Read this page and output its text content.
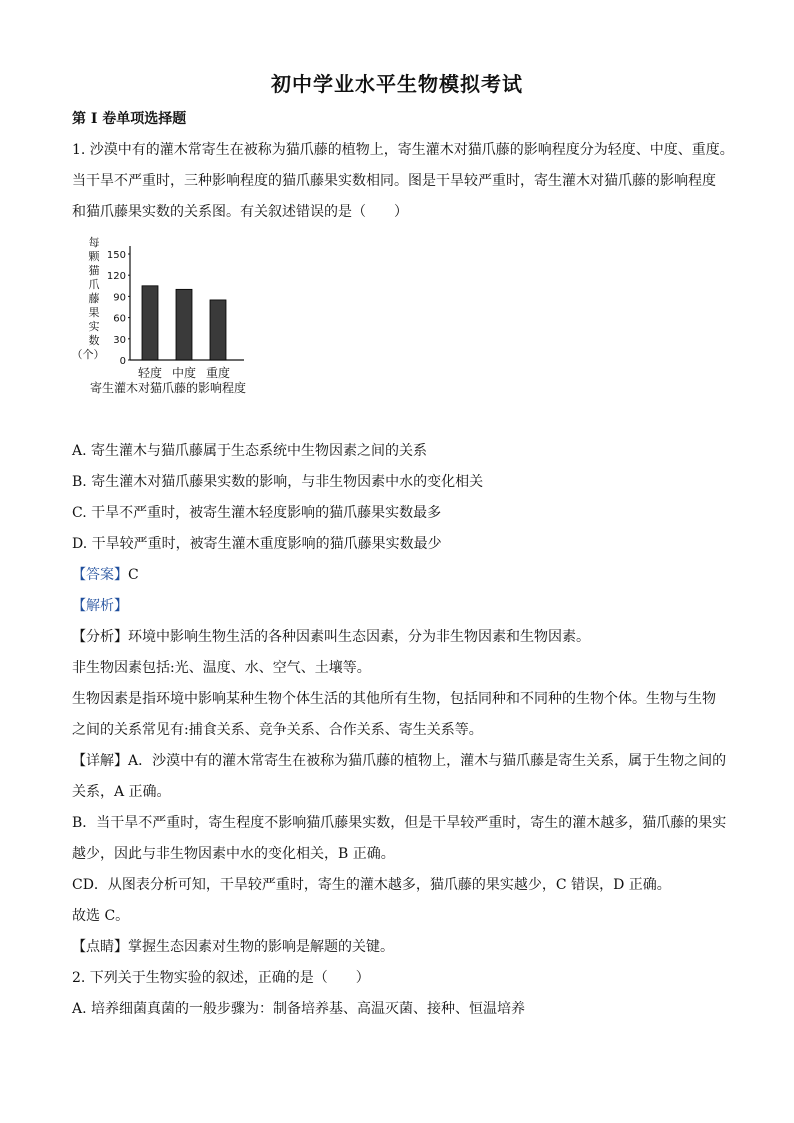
初中学业水平生物模拟考试
第 I 卷单项选择题
1. 沙漠中有的灌木常寄生在被称为猫爪藤的植物上，寄生灌木对猫爪藤的影响程度分为轻度、中度、重度。
当干旱不严重时，三种影响程度的猫爪藤果实数相同。图是干旱较严重时，寄生灌木对猫爪藤的影响程度
和猫爪藤果实数的关系图。有关叙述错误的是（　　）
每
颗
猫
爪
藤
果
实
数
（个）
150
120
90
60
30
0
轻度 中度 重度
寄生灌木对猫爪藤的影响程度
A. 寄生灌木与猫爪藤属于生态系统中生物因素之间的关系
B. 寄生灌木对猫爪藤果实数的影响，与非生物因素中水的变化相关
C. 干旱不严重时，被寄生灌木轻度影响的猫爪藤果实数最多
D. 干旱较严重时，被寄生灌木重度影响的猫爪藤果实数最少
【答案】C
【解析】
【分析】环境中影响生物生活的各种因素叫生态因素，分为非生物因素和生物因素。
非生物因素包括:光、温度、水、空气、土壤等。
生物因素是指环境中影响某种生物个体生活的其他所有生物，包括同种和不同种的生物个体。生物与生物
之间的关系常见有:捕食关系、竞争关系、合作关系、寄生关系等。
【详解】A．沙漠中有的灌木常寄生在被称为猫爪藤的植物上，灌木与猫爪藤是寄生关系，属于生物之间的
关系，A 正确。
B．当干旱不严重时，寄生程度不影响猫爪藤果实数，但是干旱较严重时，寄生的灌木越多，猫爪藤的果实
越少，因此与非生物因素中水的变化相关，B 正确。
CD．从图表分析可知，干旱较严重时，寄生的灌木越多，猫爪藤的果实越少，C 错误，D 正确。
故选 C。
【点睛】掌握生态因素对生物的影响是解题的关键。
2. 下列关于生物实验的叙述，正确的是（　　）
A. 培养细菌真菌的一般步骤为：制备培养基、高温灭菌、接种、恒温培养
